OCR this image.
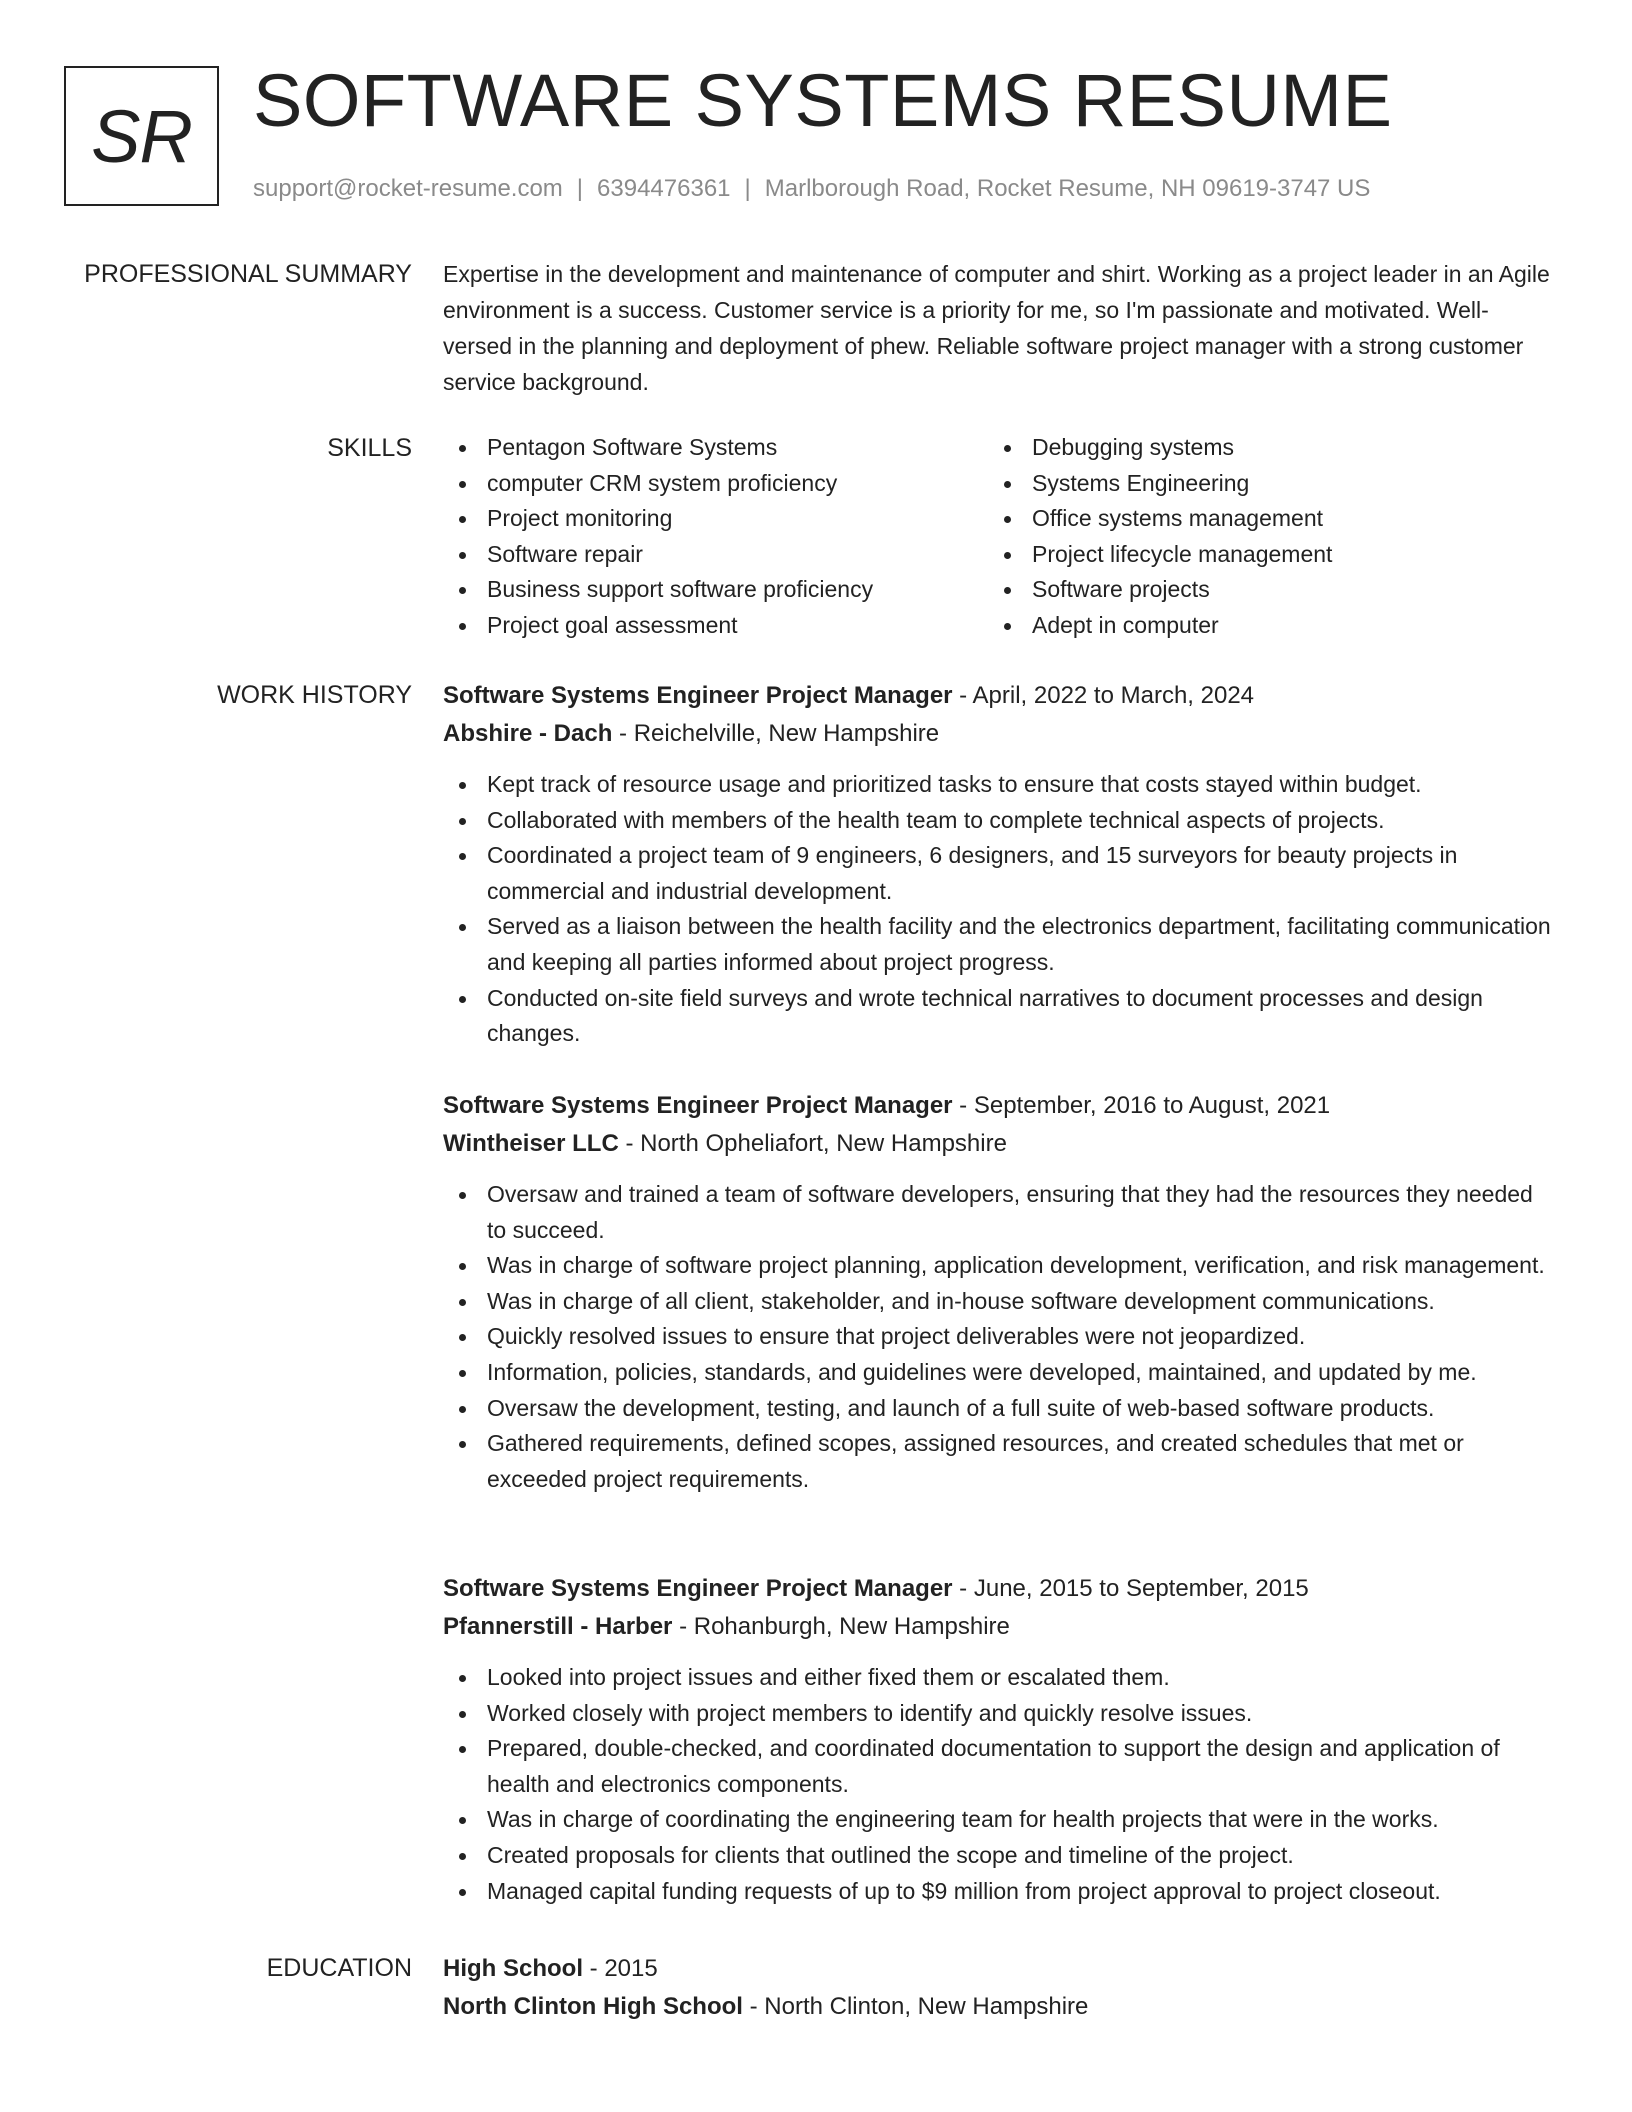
SR SOFTWARE SYSTEMS RESUME
support@rocket-resume.com | 6394476361 | Marlborough Road, Rocket Resume, NH 09619-3747 US
PROFESSIONAL SUMMARY Expertise in the development and maintenance of computer and shirt. Working as a project leader in an Agile environment is a success. Customer service is a priority for me, so I'm passionate and motivated. Well-versed in the planning and deployment of phew. Reliable software project manager with a strong customer service background.

SKILLS	Pentagon Software Systems
computer CRM system proficiency
Project monitoring
Software repair
Business support software proficiency
Project goal assessment
Debugging systems
Systems Engineering
Office systems management
Project lifecycle management
Software projects
Adept in computer
WORK HISTORY Software Systems Engineer Project Manager - April, 2022 to March, 2024
Abshire - Dach - Reichelville, New Hampshire
Kept track of resource usage and prioritized tasks to ensure that costs stayed within budget.
Collaborated with members of the health team to complete technical aspects of projects.
Coordinated a project team of 9 engineers, 6 designers, and 15 surveyors for beauty projects in commercial and industrial development.
Served as a liaison between the health facility and the electronics department, facilitating communication and keeping all parties informed about project progress.
Conducted on-site field surveys and wrote technical narratives to document processes and design changes.
Software Systems Engineer Project Manager - September, 2016 to August, 2021
Wintheiser LLC - North Opheliafort, New Hampshire
Oversaw and trained a team of software developers, ensuring that they had the resources they needed to succeed.
Was in charge of software project planning, application development, verification, and risk management.
Was in charge of all client, stakeholder, and in-house software development communications.
Quickly resolved issues to ensure that project deliverables were not jeopardized.
Information, policies, standards, and guidelines were developed, maintained, and updated by me.
Oversaw the development, testing, and launch of a full suite of web-based software products.
Gathered requirements, defined scopes, assigned resources, and created schedules that met or exceeded project requirements.
Software Systems Engineer Project Manager - June, 2015 to September, 2015
Pfannerstill - Harber - Rohanburgh, New Hampshire
Looked into project issues and either fixed them or escalated them.
Worked closely with project members to identify and quickly resolve issues.
Prepared, double-checked, and coordinated documentation to support the design and application of health and electronics components.
Was in charge of coordinating the engineering team for health projects that were in the works.
Created proposals for clients that outlined the scope and timeline of the project.
Managed capital funding requests of up to $9 million from project approval to project closeout.
EDUCATION High School - 2015
North Clinton High School - North Clinton, New Hampshire
